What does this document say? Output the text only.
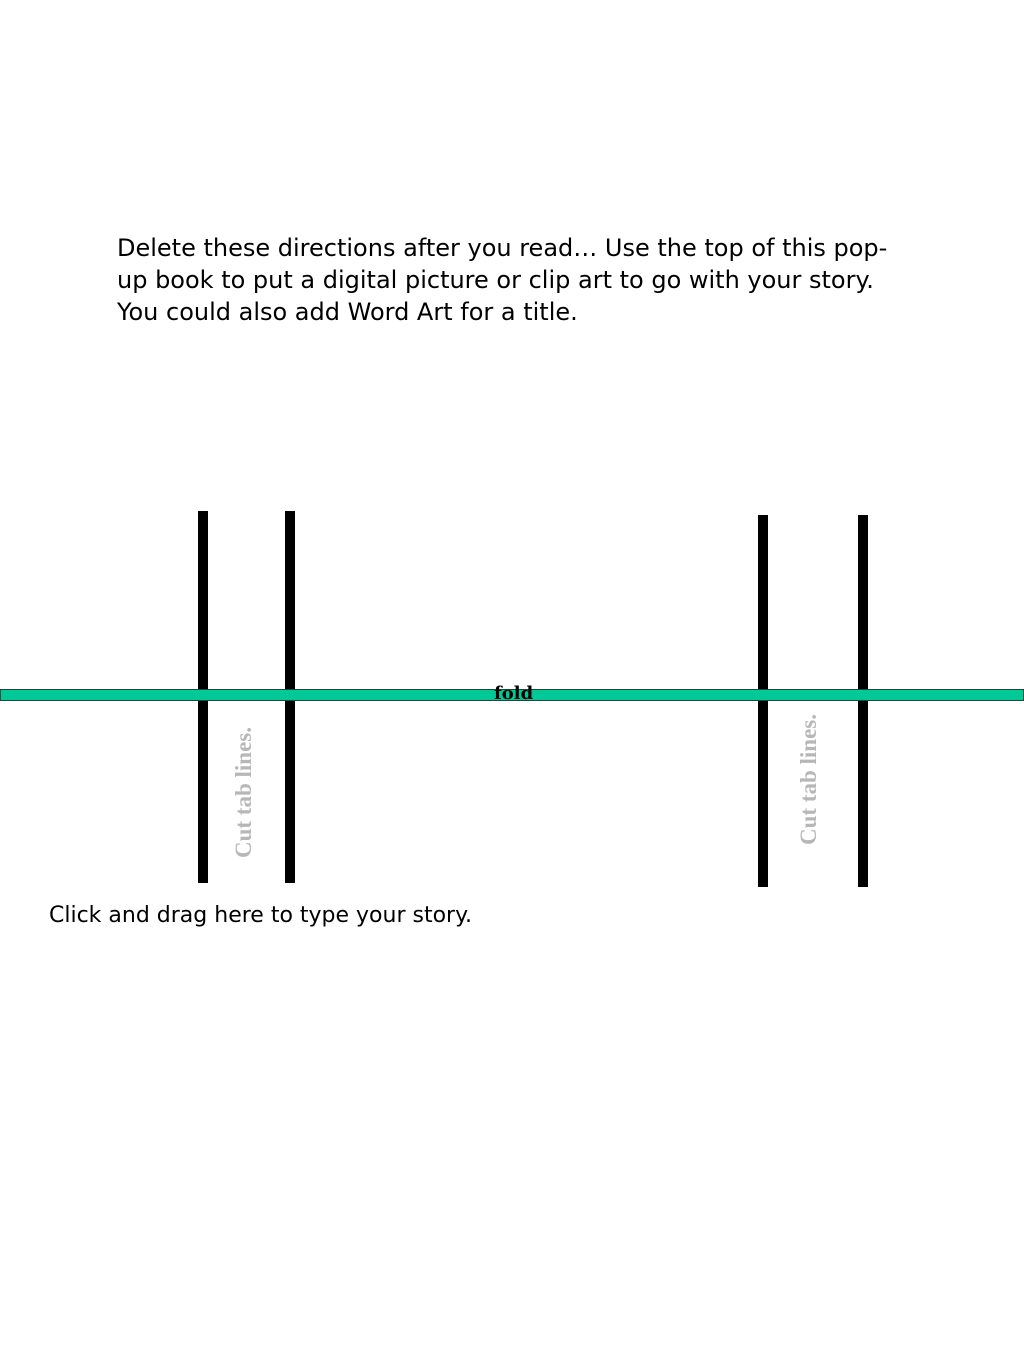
Delete these directions after you read… Use the top of this pop-up book to put a digital picture or clip art to go with your story. You could also add Word Art for a title.

fold
Cut tab lines.	Cut tab lines.

Click and drag here to type your story.
